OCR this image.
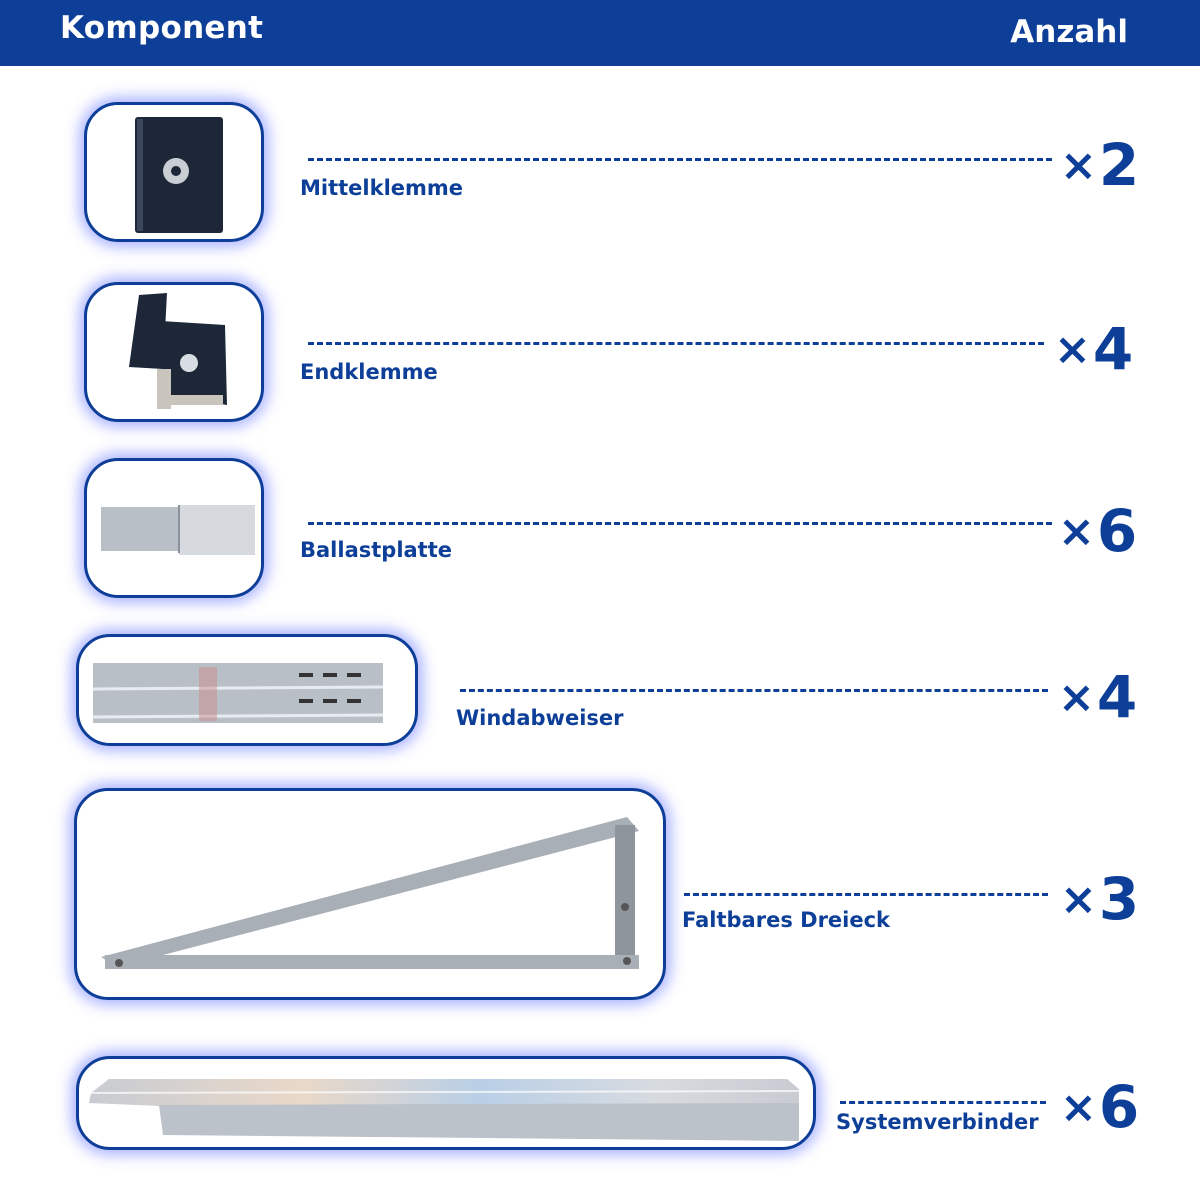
Komponent	Anzahl
Mittelklemme	×2
Endklemme	×4
Ballastplatte	×6
Windabweiser	×4
Faltbares Dreieck	×3
Systemverbinder ×6
